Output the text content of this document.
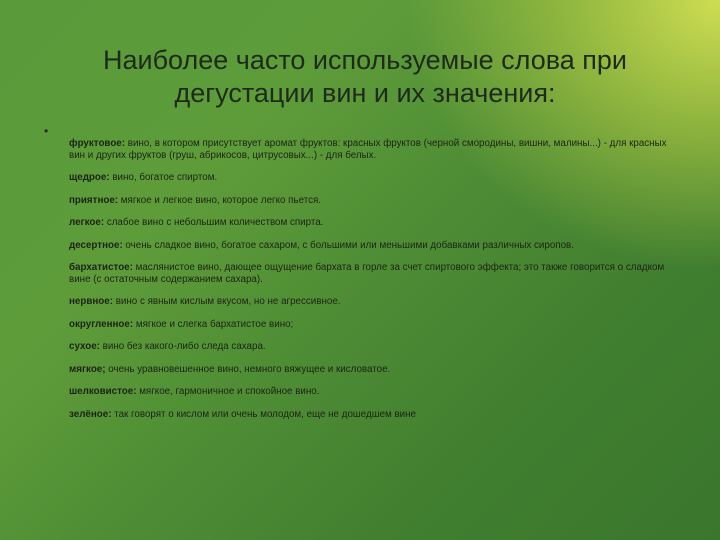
Наиболее часто используемые слова при
дегустации вин и их значения:
•
фруктовое: вино, в котором присутствует аромат фруктов: красных фруктов (черной смородины, вишни, малины...) - для красных вин и других фруктов (груш, абрикосов, цитрусовых...) - для белых.
щедрое: вино, богатое спиртом.
приятное: мягкое и легкое вино, которое легко пьется.
легкое: слабое вино с небольшим количеством спирта.
десертное: очень сладкое вино, богатое сахаром, с большими или меньшими добавками различных сиропов.
бархатистое: маслянистое вино, дающее ощущение бархата в горле за счет спиртового эффекта; это также говорится о сладком вине (с остаточным содержанием сахара).
нервное: вино с явным кислым вкусом, но не агрессивное.
округленное: мягкое и слегка бархатистое вино;
сухое: вино без какого-либо следа сахара.
мягкое; очень уравновешенное вино, немного вяжущее и кисловатое.
шелковистое: мягкое, гармоничное и спокойное вино.
зелёное: так говорят о кислом или очень молодом, еще не дошедшем вине
